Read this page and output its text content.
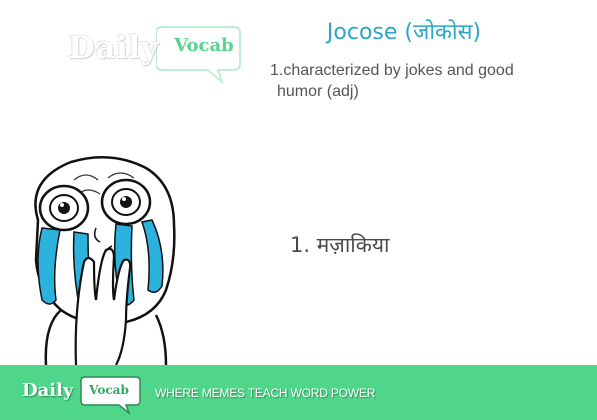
Daily Vocab
Jocose (जोकोस)
1.characterized by jokes and good
humor (adj)
1. मज़ाकिया
Daily	Vocab	WHERE MEMES TEACH WORD POWER
